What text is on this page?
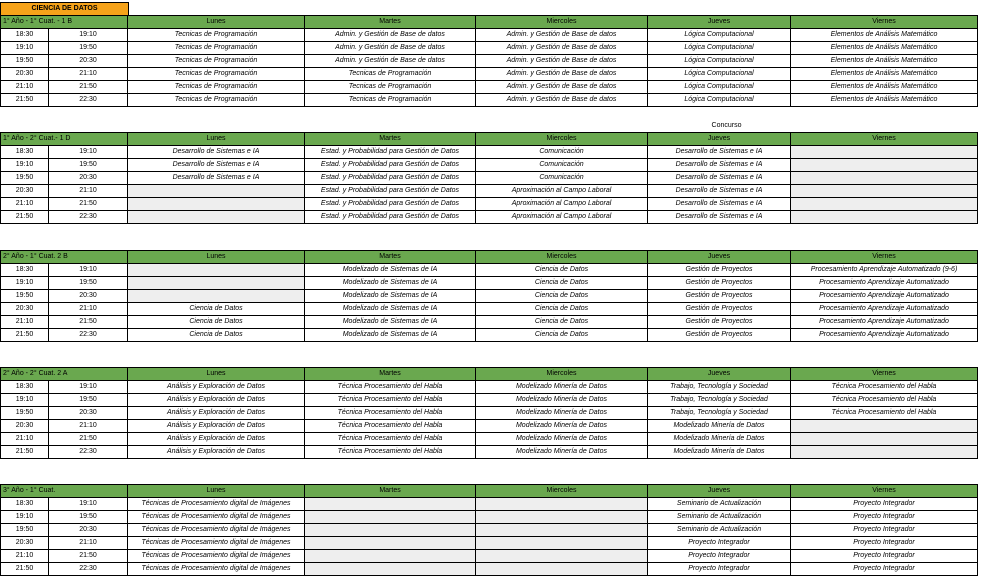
CIENCIA DE DATOS
Concurso
1° Año - 1° Cuat. - 1 B		Lunes	Martes	Miercoles	Jueves	Viernes
18:30	19:10	Tecnicas de Programación	Admin. y Gestión de Base de datos	Admin. y Gestión de Base de datos	Lógica Computacional	Elementos de Análisis Matemático
19:10	19:50	Tecnicas de Programación	Admin. y Gestión de Base de datos	Admin. y Gestión de Base de datos	Lógica Computacional	Elementos de Análisis Matemático
19:50	20:30	Tecnicas de Programación	Admin. y Gestión de Base de datos	Admin. y Gestión de Base de datos	Lógica Computacional	Elementos de Análisis Matemático
20:30	21:10	Tecnicas de Programación	Tecnicas de Programación	Admin. y Gestión de Base de datos	Lógica Computacional	Elementos de Análisis Matemático
21:10	21:50	Tecnicas de Programación	Tecnicas de Programación	Admin. y Gestión de Base de datos	Lógica Computacional	Elementos de Análisis Matemático
21:50	22:30	Tecnicas de Programación	Tecnicas de Programación	Admin. y Gestión de Base de datos	Lógica Computacional	Elementos de Análisis Matemático
1° Año - 2° Cuat.- 1 D		Lunes	Martes	Miercoles	Jueves	Viernes
18:30	19:10	Desarrollo de Sistemas e IA	Estad. y Probabilidad para Gestión de Datos	Comunicación	Desarrollo de Sistemas e IA	
19:10	19:50	Desarrollo de Sistemas e IA	Estad. y Probabilidad para Gestión de Datos	Comunicación	Desarrollo de Sistemas e IA	
19:50	20:30	Desarrollo de Sistemas e IA	Estad. y Probabilidad para Gestión de Datos	Comunicación	Desarrollo de Sistemas e IA	
20:30	21:10		Estad. y Probabilidad para Gestión de Datos	Aproximación al Campo Laboral	Desarrollo de Sistemas e IA	
21:10	21:50		Estad. y Probabilidad para Gestión de Datos	Aproximación al Campo Laboral	Desarrollo de Sistemas e IA	
21:50	22:30		Estad. y Probabilidad para Gestión de Datos	Aproximación al Campo Laboral	Desarrollo de Sistemas e IA	
2° Año - 1° Cuat. 2 B		Lunes	Martes	Miercoles	Jueves	Viernes
18:30	19:10		Modelizado de Sistemas de IA	Ciencia de Datos	Gestión de Proyectos	Procesamiento Aprendizaje Automatizado (9-6)
19:10	19:50		Modelizado de Sistemas de IA	Ciencia de Datos	Gestión de Proyectos	Procesamiento Aprendizaje Automatizado
19:50	20:30		Modelizado de Sistemas de IA	Ciencia de Datos	Gestión de Proyectos	Procesamiento Aprendizaje Automatizado
20:30	21:10	Ciencia de Datos	Modelizado de Sistemas de IA	Ciencia de Datos	Gestión de Proyectos	Procesamiento Aprendizaje Automatizado
21:10	21:50	Ciencia de Datos	Modelizado de Sistemas de IA	Ciencia de Datos	Gestión de Proyectos	Procesamiento Aprendizaje Automatizado
21:50	22:30	Ciencia de Datos	Modelizado de Sistemas de IA	Ciencia de Datos	Gestión de Proyectos	Procesamiento Aprendizaje Automatizado
2° Año - 2° Cuat. 2 A		Lunes	Martes	Miercoles	Jueves	Viernes
18:30	19:10	Análisis y Exploración de Datos	Técnica Procesamiento del Habla	Modelizado Minería de Datos	Trabajo, Tecnología y Sociedad	Técnica Procesamiento del Habla
19:10	19:50	Análisis y Exploración de Datos	Técnica Procesamiento del Habla	Modelizado Minería de Datos	Trabajo, Tecnología y Sociedad	Técnica Procesamiento del Habla
19:50	20:30	Análisis y Exploración de Datos	Técnica Procesamiento del Habla	Modelizado Minería de Datos	Trabajo, Tecnología y Sociedad	Técnica Procesamiento del Habla
20:30	21:10	Análisis y Exploración de Datos	Técnica Procesamiento del Habla	Modelizado Minería de Datos	Modelizado Minería de Datos	
21:10	21:50	Análisis y Exploración de Datos	Técnica Procesamiento del Habla	Modelizado Minería de Datos	Modelizado Minería de Datos	
21:50	22:30	Análisis y Exploración de Datos	Técnica Procesamiento del Habla	Modelizado Minería de Datos	Modelizado Minería de Datos	
3° Año - 1° Cuat.		Lunes	Martes	Miercoles	Jueves	Viernes
18:30	19:10	Técnicas de Procesamiento digital de Imágenes			Seminario de Actualización	Proyecto Integrador
19:10	19:50	Técnicas de Procesamiento digital de Imágenes			Seminario de Actualización	Proyecto Integrador
19:50	20:30	Técnicas de Procesamiento digital de Imágenes			Seminario de Actualización	Proyecto Integrador
20:30	21:10	Técnicas de Procesamiento digital de Imágenes			Proyecto Integrador	Proyecto Integrador
21:10	21:50	Técnicas de Procesamiento digital de Imágenes			Proyecto Integrador	Proyecto Integrador
21:50	22:30	Técnicas de Procesamiento digital de Imágenes			Proyecto Integrador	Proyecto Integrador
